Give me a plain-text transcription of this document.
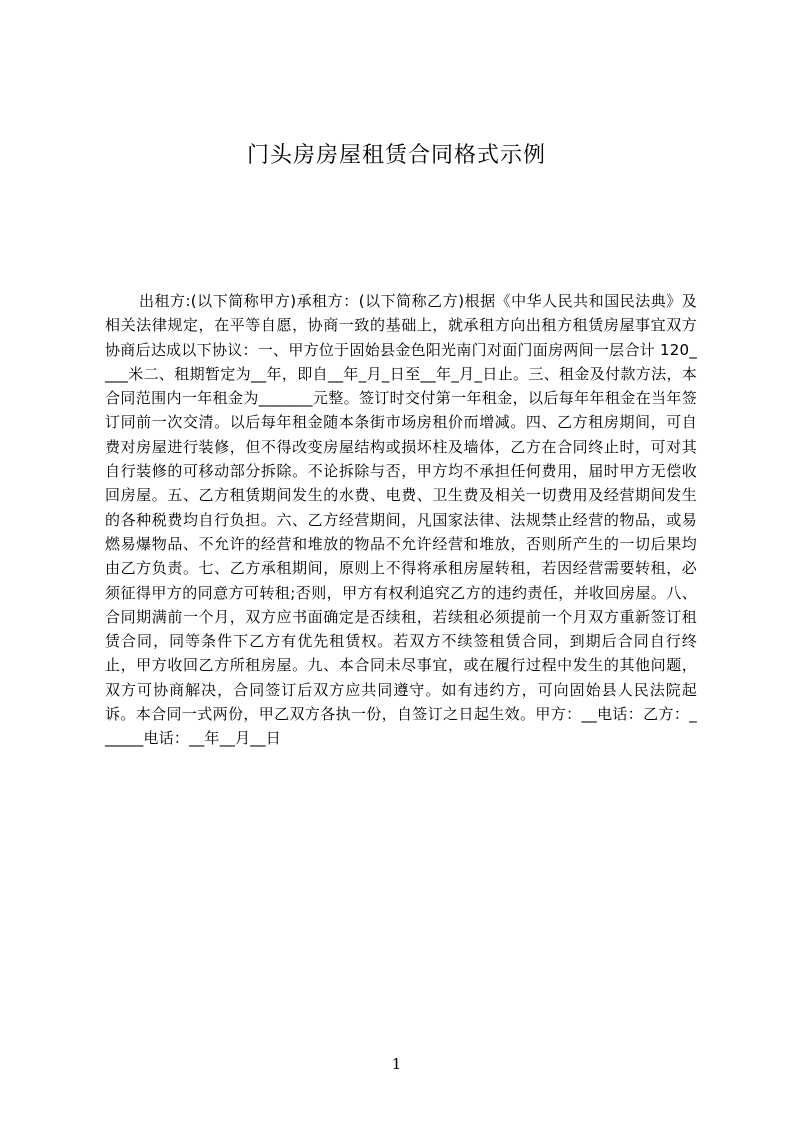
门头房房屋租赁合同格式示例

出租方:(以下简称甲方)承租方：(以下简称乙方)根据《中华人民共和国民法典》及相关法律规定，在平等自愿，协商一致的基础上，就承租方向出租方租赁房屋事宜双方协商后达成以下协议：一、甲方位于固始县金色阳光南门对面门面房两间一层合计 120____米二、租期暂定为__年，即自__年_月_日至__年_月_日止。三、租金及付款方法，本合同范围内一年租金为_______元整。签订时交付第一年租金，以后每年年租金在当年签订同前一次交清。以后每年租金随本条街市场房租价而增减。四、乙方租房期间，可自费对房屋进行装修，但不得改变房屋结构或损坏柱及墙体，乙方在合同终止时，可对其自行装修的可移动部分拆除。不论拆除与否，甲方均不承担任何费用，届时甲方无偿收回房屋。五、乙方租赁期间发生的水费、电费、卫生费及相关一切费用及经营期间发生的各种税费均自行负担。六、乙方经营期间，凡国家法律、法规禁止经营的物品，或易燃易爆物品、不允许的经营和堆放的物品不允许经营和堆放，否则所产生的一切后果均由乙方负责。七、乙方承租期间，原则上不得将承租房屋转租，若因经营需要转租，必须征得甲方的同意方可转租;否则，甲方有权利追究乙方的违约责任，并收回房屋。八、合同期满前一个月，双方应书面确定是否续租，若续租必须提前一个月双方重新签订租赁合同，同等条件下乙方有优先租赁权。若双方不续签租赁合同，到期后合同自行终止，甲方收回乙方所租房屋。九、本合同未尽事宜，或在履行过程中发生的其他问题，双方可协商解决，合同签订后双方应共同遵守。如有违约方，可向固始县人民法院起诉。本合同一式两份，甲乙双方各执一份，自签订之日起生效。甲方：__电话：乙方：______电话：__年__月__日

1
